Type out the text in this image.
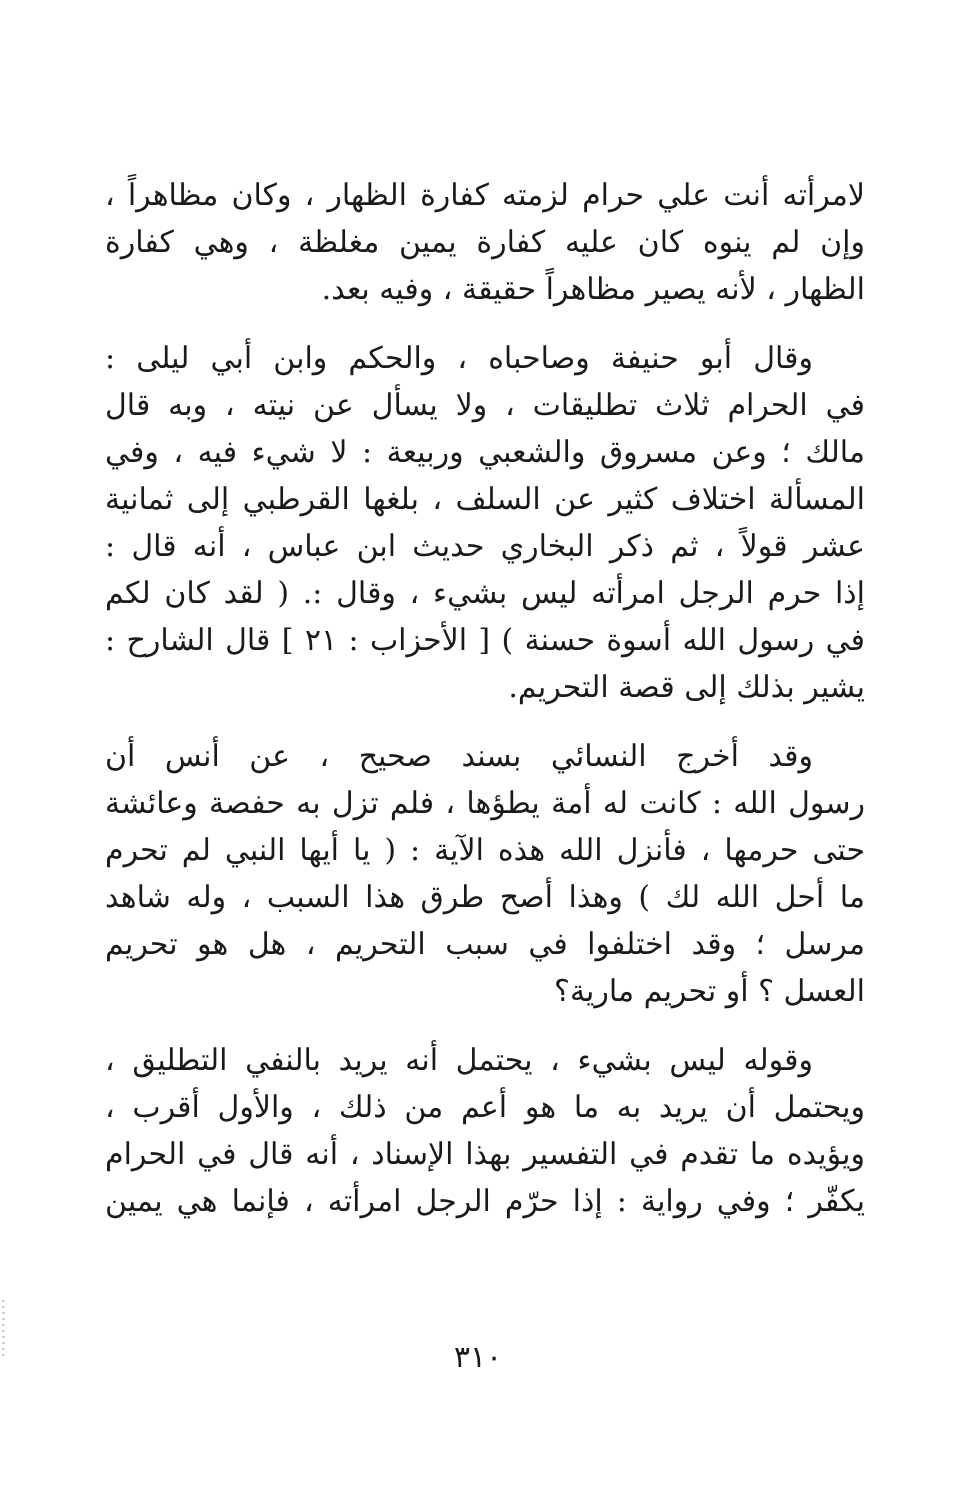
لامرأته أنت علي حرام لزمته كفارة الظهار ، وكان مظاهراً ،
وإن لم ينوه كان عليه كفارة يمين مغلظة ، وهي كفارة
الظهار ، لأنه يصير مظاهراً حقيقة ، وفيه بعد.
وقال أبو حنيفة وصاحباه ، والحكم وابن أبي ليلى :
في الحرام ثلاث تطليقات ، ولا يسأل عن نيته ، وبه قال
مالك ؛ وعن مسروق والشعبي وربيعة : لا شيء فيه ، وفي
المسألة اختلاف كثير عن السلف ، بلغها القرطبي إلى ثمانية
عشر قولاً ، ثم ذكر البخاري حديث ابن عباس ، أنه قال :
إذا حرم الرجل امرأته ليس بشيء ، وقال :. ( لقد كان لكم
في رسول الله أسوة حسنة ) [ الأحزاب : ٢١ ] قال الشارح :
يشير بذلك إلى قصة التحريم.
وقد أخرج النسائي بسند صحيح ، عن أنس أن
رسول الله : كانت له أمة يطؤها ، فلم تزل به حفصة وعائشة
حتى حرمها ، فأنزل الله هذه الآية : ( يا أيها النبي لم تحرم
ما أحل الله لك ) وهذا أصح طرق هذا السبب ، وله شاهد
مرسل ؛ وقد اختلفوا في سبب التحريم ، هل هو تحريم
العسل ؟ أو تحريم مارية؟
وقوله ليس بشيء ، يحتمل أنه يريد بالنفي التطليق ،
ويحتمل أن يريد به ما هو أعم من ذلك ، والأول أقرب ،
ويؤيده ما تقدم في التفسير بهذا الإسناد ، أنه قال في الحرام
يكفّر ؛ وفي رواية : إذا حرّم الرجل امرأته ، فإنما هي يمين
٣١٠
